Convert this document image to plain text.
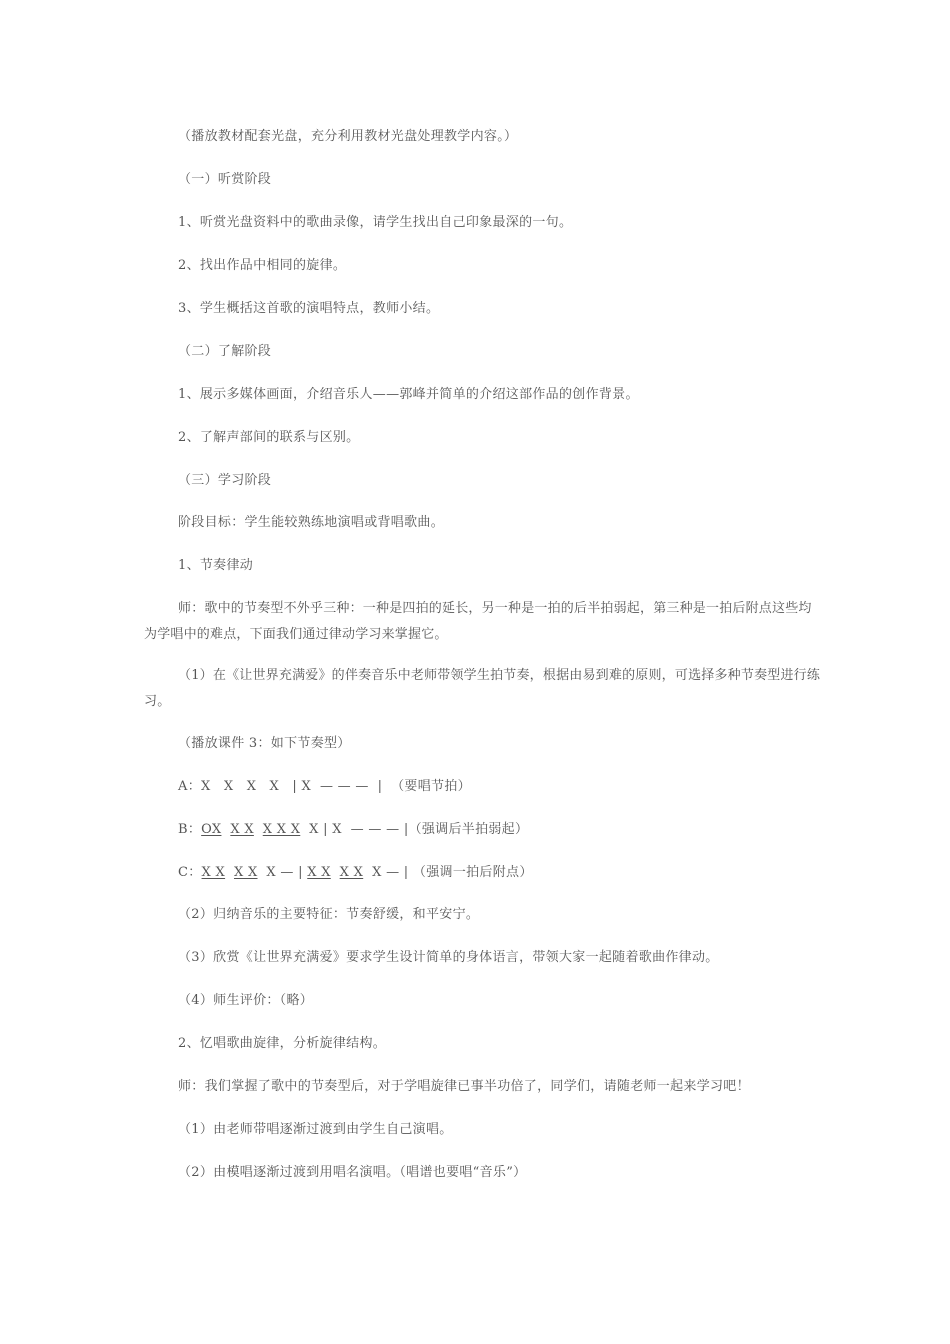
（播放教材配套光盘，充分利用教材光盘处理教学内容。）
（一）听赏阶段
1、听赏光盘资料中的歌曲录像，请学生找出自己印象最深的一句。
2、找出作品中相同的旋律。
3、学生概括这首歌的演唱特点，教师小结。
（二）了解阶段
1、展示多媒体画面，介绍音乐人——郭峰并简单的介绍这部作品的创作背景。
2、了解声部间的联系与区别。
（三）学习阶段
阶段目标：学生能较熟练地演唱或背唱歌曲。
1、节奏律动
师：歌中的节奏型不外乎三种：一种是四拍的延长，另一种是一拍的后半拍弱起，第三种是一拍后附点这些均为学唱中的难点，下面我们通过律动学习来掌握它。
（1）在《让世界充满爱》的伴奏音乐中老师带领学生拍节奏，根据由易到难的原则，可选择多种节奏型进行练习。
（播放课件 3：如下节奏型）
A：X   X   X   X   | X  — — —  | （要唱节拍）
B：OX X X X X X X | X  — — — |（强调后半拍弱起）
C：X X X X X — | X X X X X — | （强调一拍后附点）
（2）归纳音乐的主要特征：节奏舒缓，和平安宁。
（3）欣赏《让世界充满爱》要求学生设计简单的身体语言，带领大家一起随着歌曲作律动。
（4）师生评价：（略）
2、忆唱歌曲旋律，分析旋律结构。
师：我们掌握了歌中的节奏型后，对于学唱旋律已事半功倍了，同学们，请随老师一起来学习吧！
（1）由老师带唱逐渐过渡到由学生自己演唱。
（2）由模唱逐渐过渡到用唱名演唱。（唱谱也要唱“音乐”）
